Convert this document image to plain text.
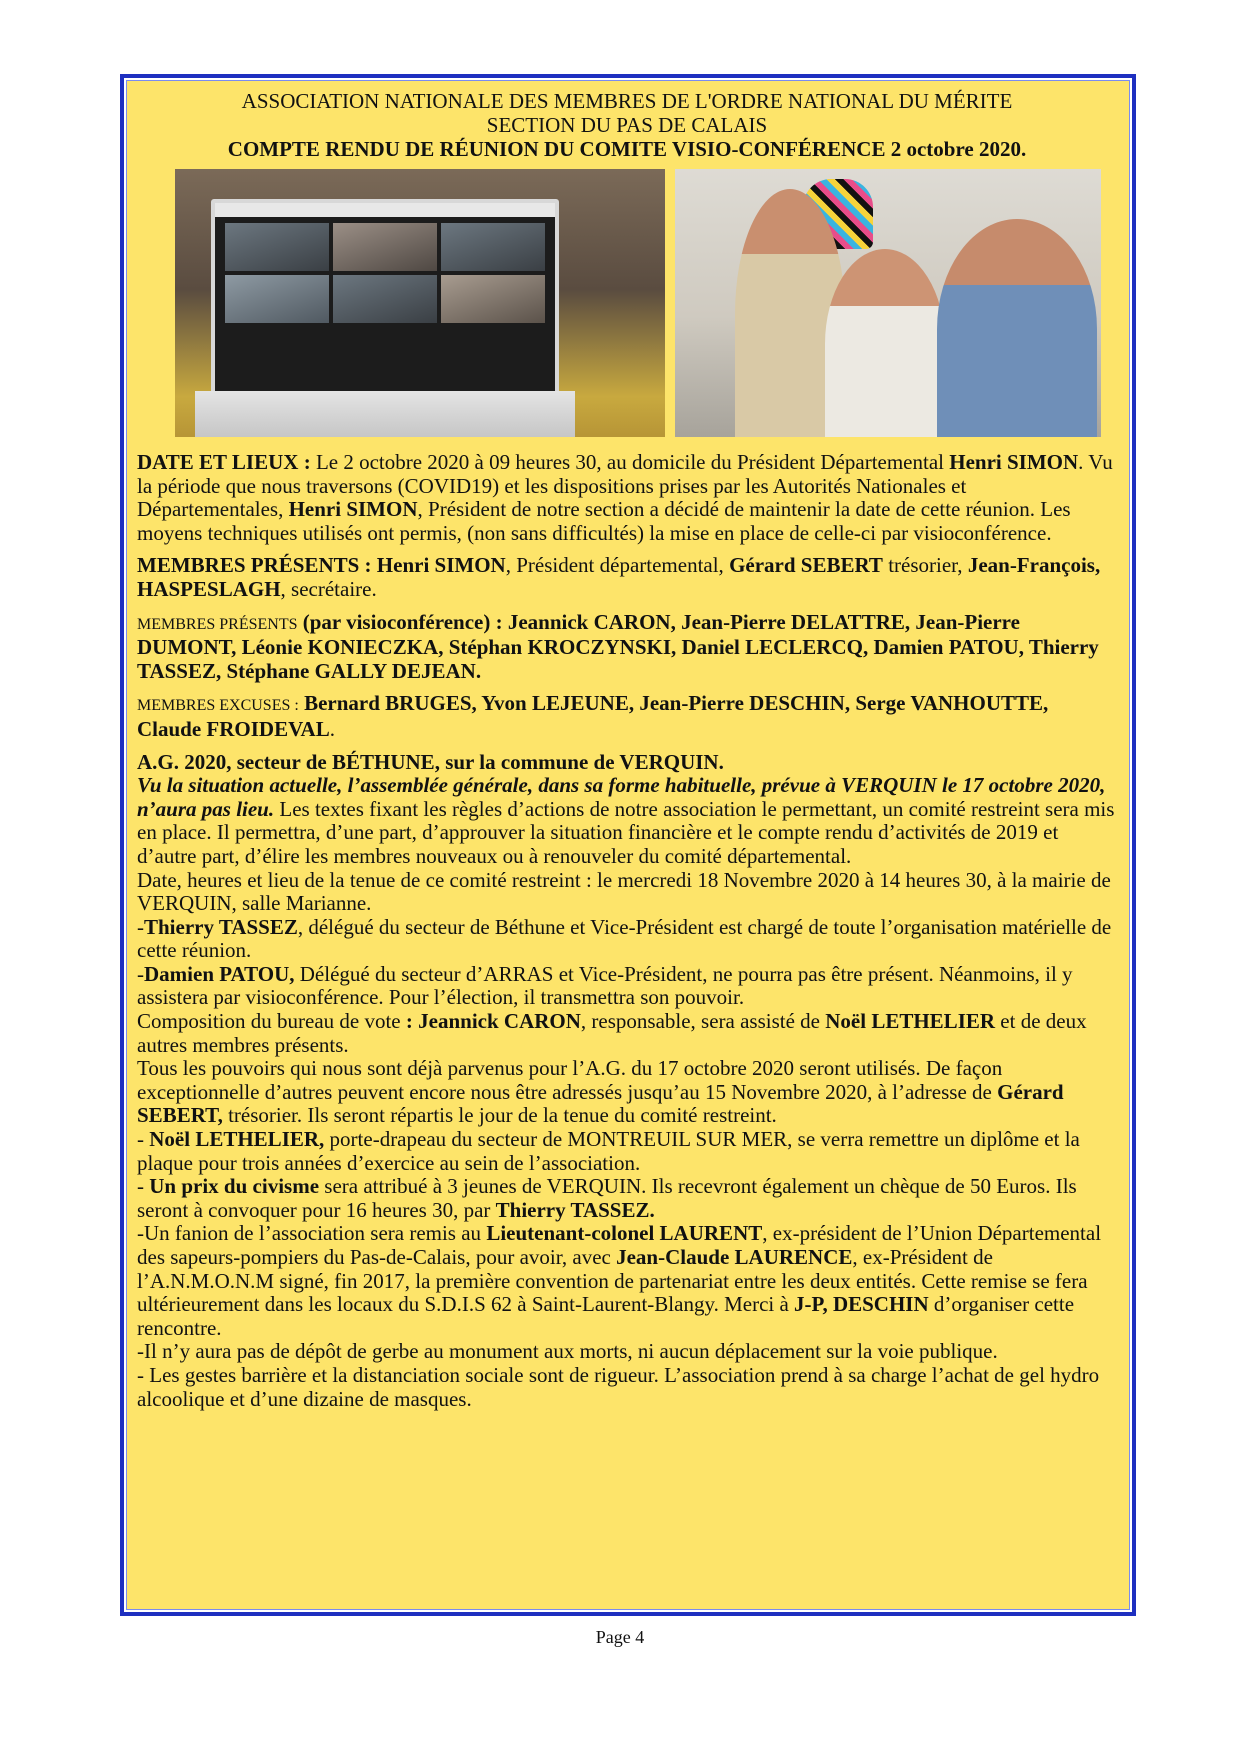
ASSOCIATION NATIONALE DES MEMBRES DE L'ORDRE NATIONAL DU MÉRITE
SECTION DU PAS DE CALAIS
COMPTE RENDU DE RÉUNION DU COMITE VISIO-CONFÉRENCE 2 octobre 2020.

DATE ET LIEUX : Le 2 octobre 2020 à 09 heures 30, au domicile du Président Départemental Henri SIMON. Vu la période que nous traversons (COVID19) et les dispositions prises par les Autorités Nationales et Départementales, Henri SIMON, Président de notre section a décidé de maintenir la date de cette réunion. Les moyens techniques utilisés ont permis, (non sans difficultés) la mise en place de celle-ci par visioconférence.

MEMBRES PRÉSENTS : Henri SIMON, Président départemental, Gérard SEBERT trésorier, Jean-François, HASPESLAGH, secrétaire.

MEMBRES PRÉSENTS (par visioconférence) : Jeannick CARON, Jean-Pierre DELATTRE, Jean-Pierre DUMONT, Léonie KONIECZKA, Stéphan KROCZYNSKI, Daniel LECLERCQ, Damien PATOU, Thierry TASSEZ, Stéphane GALLY DEJEAN.

MEMBRES EXCUSES : Bernard BRUGES, Yvon LEJEUNE, Jean-Pierre DESCHIN, Serge VANHOUTTE, Claude FROIDEVAL.

A.G. 2020, secteur de BÉTHUNE, sur la commune de VERQUIN.
Vu la situation actuelle, l’assemblée générale, dans sa forme habituelle, prévue à VERQUIN le 17 octobre 2020, n’aura pas lieu. Les textes fixant les règles d’actions de notre association le permettant, un comité restreint sera mis en place. Il permettra, d’une part, d’approuver la situation financière et le compte rendu d’activités de 2019 et d’autre part, d’élire les membres nouveaux ou à renouveler du comité départemental.
Date, heures et lieu de la tenue de ce comité restreint : le mercredi 18 Novembre 2020 à 14 heures 30, à la mairie de VERQUIN, salle Marianne.
-Thierry TASSEZ, délégué du secteur de Béthune et Vice-Président est chargé de toute l’organisation matérielle de cette réunion.
-Damien PATOU, Délégué du secteur d’ARRAS et Vice-Président, ne pourra pas être présent. Néanmoins, il y assistera par visioconférence. Pour l’élection, il transmettra son pouvoir.
Composition du bureau de vote : Jeannick CARON, responsable, sera assisté de Noël LETHELIER et de deux autres membres présents.
Tous les pouvoirs qui nous sont déjà parvenus pour l’A.G. du 17 octobre 2020 seront utilisés. De façon exceptionnelle d’autres peuvent encore nous être adressés jusqu’au 15 Novembre 2020, à l’adresse de Gérard SEBERT, trésorier. Ils seront répartis le jour de la tenue du comité restreint.
- Noël LETHELIER, porte-drapeau du secteur de MONTREUIL SUR MER, se verra remettre un diplôme et la plaque pour trois années d’exercice au sein de l’association.
- Un prix du civisme sera attribué à 3 jeunes de VERQUIN. Ils recevront également un chèque de 50 Euros. Ils seront à convoquer pour 16 heures 30, par Thierry TASSEZ.
-Un fanion de l’association sera remis au Lieutenant-colonel LAURENT, ex-président de l’Union Départemental des sapeurs-pompiers du Pas-de-Calais, pour avoir, avec Jean-Claude LAURENCE, ex-Président de l’A.N.M.O.N.M signé, fin 2017, la première convention de partenariat entre les deux entités. Cette remise se fera ultérieurement dans les locaux du S.D.I.S 62 à Saint-Laurent-Blangy. Merci à J-P, DESCHIN d’organiser cette rencontre.
-Il n’y aura pas de dépôt de gerbe au monument aux morts, ni aucun déplacement sur la voie publique.
- Les gestes barrière et la distanciation sociale sont de rigueur. L’association prend à sa charge l’achat de gel hydro alcoolique et d’une dizaine de masques.
Page 4
